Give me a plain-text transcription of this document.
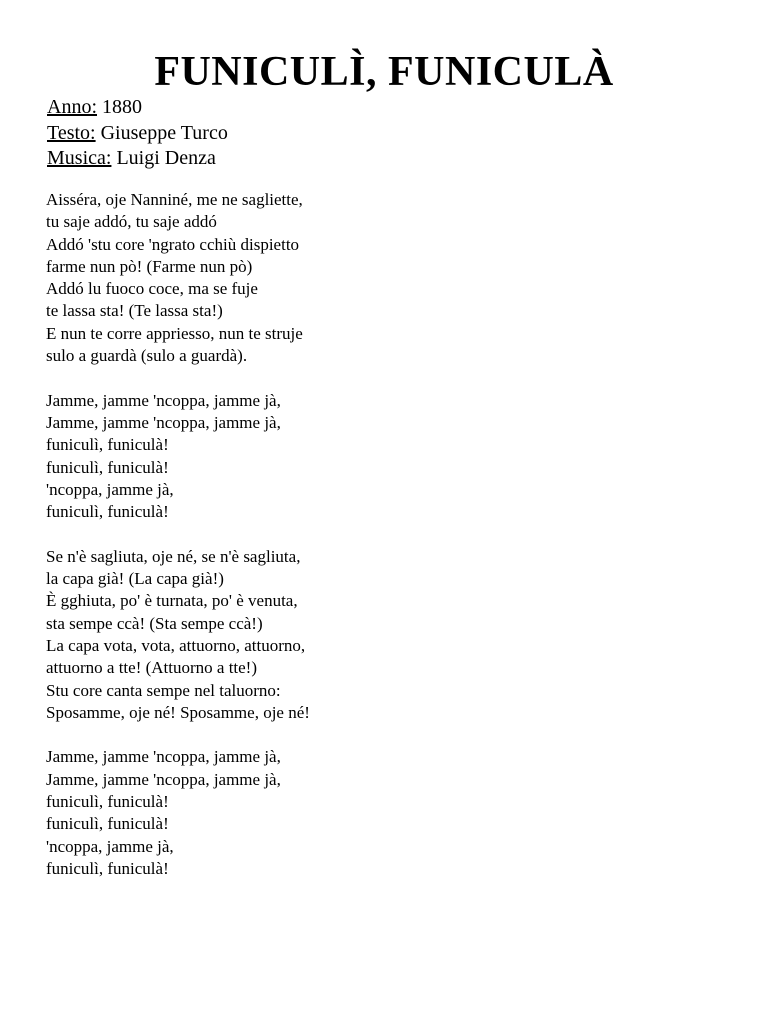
FUNICULÌ, FUNICULÀ
Anno: 1880
Testo: Giuseppe Turco
Musica: Luigi Denza
Aisséra, oje Nanniné, me ne sagliette,
tu saje addó, tu saje addó
Addó 'stu core 'ngrato cchiù dispietto
farme nun pò! (Farme nun pò)
Addó lu fuoco coce, ma se fuje
te lassa sta! (Te lassa sta!)
E nun te corre appriesso, nun te struje
sulo a guardà (sulo a guardà).
Jamme, jamme 'ncoppa, jamme jà,
Jamme, jamme 'ncoppa, jamme jà,
funiculì, funiculà!
funiculì, funiculà!
'ncoppa, jamme jà,
funiculì, funiculà!
Se n'è sagliuta, oje né, se n'è sagliuta,
la capa già! (La capa già!)
È gghiuta, po' è turnata, po' è venuta,
sta sempe ccà! (Sta sempe ccà!)
La capa vota, vota, attuorno, attuorno,
attuorno a tte! (Attuorno a tte!)
Stu core canta sempe nel taluorno:
Sposamme, oje né! Sposamme, oje né!
Jamme, jamme 'ncoppa, jamme jà,
Jamme, jamme 'ncoppa, jamme jà,
funiculì, funiculà!
funiculì, funiculà!
'ncoppa, jamme jà,
funiculì, funiculà!
